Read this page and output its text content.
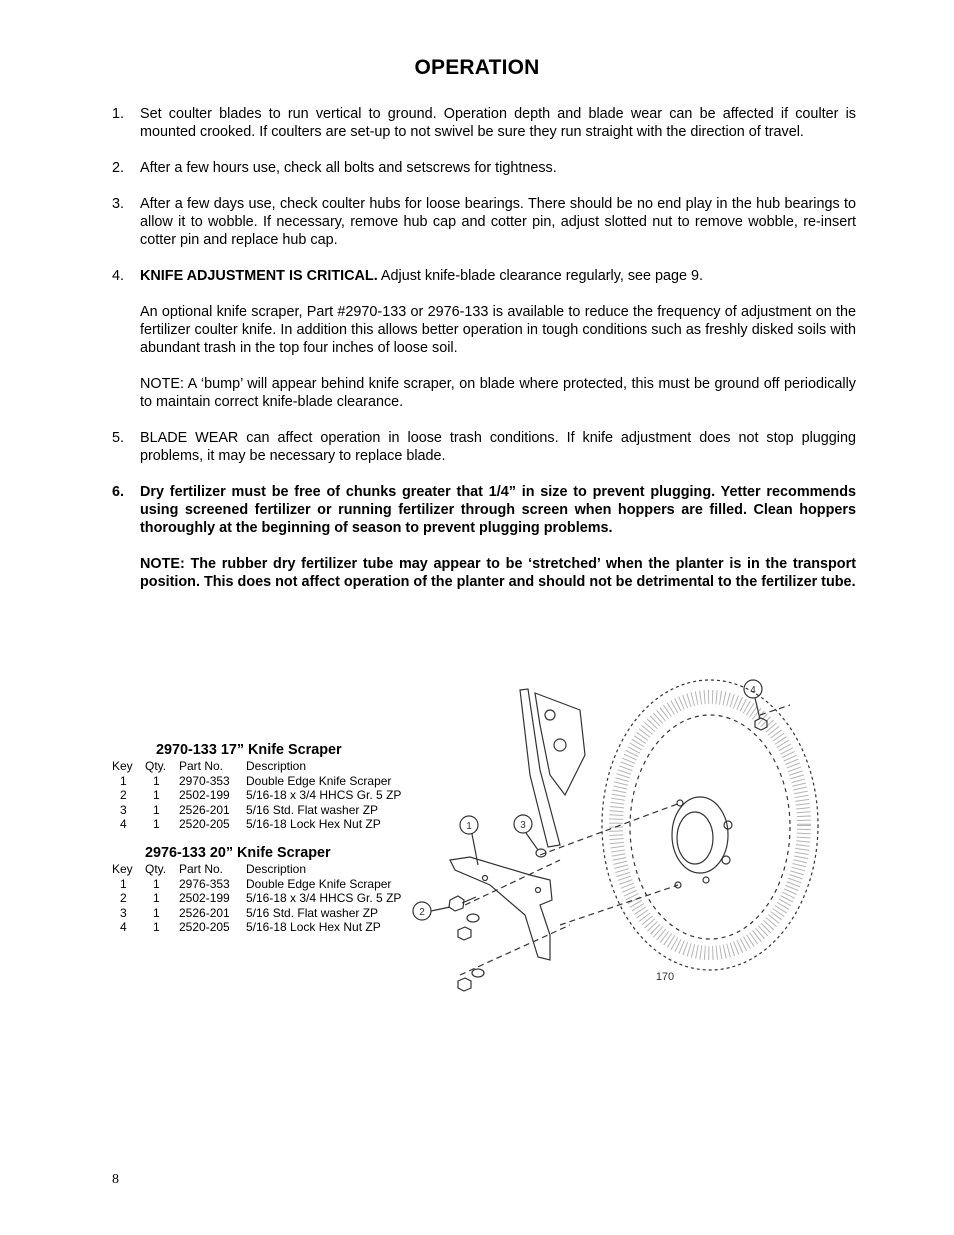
OPERATION
1. Set coulter blades to run vertical to ground. Operation depth and blade wear can be affected if coulter is mounted crooked. If coulters are set-up to not swivel be sure they run straight with the direction of travel.
2. After a few hours use, check all bolts and setscrews for tightness.
3. After a few days use, check coulter hubs for loose bearings. There should be no end play in the hub bearings to allow it to wobble. If necessary, remove hub cap and cotter pin, adjust slotted nut to remove wobble, re-insert cotter pin and replace hub cap.
4. KNIFE ADJUSTMENT IS CRITICAL. Adjust knife-blade clearance regularly, see page 9.
An optional knife scraper, Part #2970-133 or 2976-133 is available to reduce the frequency of adjustment on the fertilizer coulter knife. In addition this allows better operation in tough conditions such as freshly disked soils with abundant trash in the top four inches of loose soil.
NOTE: A ‘bump’ will appear behind knife scraper, on blade where protected, this must be ground off periodically to maintain correct knife-blade clearance.
5. BLADE WEAR can affect operation in loose trash conditions. If knife adjustment does not stop plugging problems, it may be necessary to replace blade.
6. Dry fertilizer must be free of chunks greater that 1/4” in size to prevent plugging. Yetter recommends using screened fertilizer or running fertilizer through screen when hoppers are filled. Clean hoppers thoroughly at the beginning of season to prevent plugging problems.
NOTE: The rubber dry fertilizer tube may appear to be ‘stretched’ when the planter is in the transport position. This does not affect operation of the planter and should not be detrimental to the fertilizer tube.
2970-133 17” Knife Scraper
Key	Qty.	Part No.	Description
1	1	2970-353	Double Edge Knife Scraper
2	1	2502-199	5/16-18 x 3/4 HHCS Gr. 5 ZP
3	1	2526-201	5/16 Std. Flat washer ZP
4	1	2520-205	5/16-18 Lock Hex Nut ZP
2976-133 20” Knife Scraper
Key	Qty.	Part No.	Description
1	1	2976-353	Double Edge Knife Scraper
2	1	2502-199	5/16-18 x 3/4 HHCS Gr. 5 ZP
3	1	2526-201	5/16 Std. Flat washer ZP
4	1	2520-205	5/16-18 Lock Hex Nut ZP
1
2
3
4
170
8
